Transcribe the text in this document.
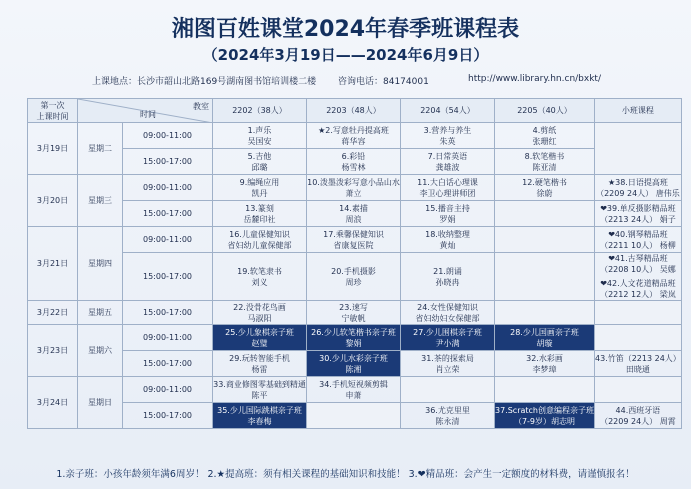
湘图百姓课堂2024年春季班课程表
（2024年3月19日——2024年6月9日）
上课地点：长沙市韶山北路169号湖南图书馆培训楼二楼 咨询电话：84174001	http://www.library.hn.cn/bxkt/
第一次
上课时间	教室
时间		2202（38人）	2203（48人）	2204（54人）	2205（40人）	小班课程
3月19日	星期二	09:00-11:00	1.声乐
吴国安	★2.写意牡丹提高班
蒋华容	3.营养与养生
朱英	4.剪纸
张珊红	

		15:00-17:00	5.吉他
邱璐	6.彩铅
杨雪林	7.日常英语
龚雄波	8.软笔楷书
陈亚清	

3月20日	星期三	09:00-11:00	9.编绳应用
凯丹	10.泼墨泼彩写意小品山水
萧立	11.大白话心理课
李卫心理讲师团	12.硬笔楷书
徐蔚	★38.日语提高班
（2209 24人） 唐伟乐

		15:00-17:00	13.篆刻
岳麓印社	14.素描
周浪	15.播音主持
罗娟		❤39.单反摄影精品班
（2213 24人） 娟子

3月21日	星期四	09:00-11:00	16.儿童保健知识
省妇幼儿童保健部	17.乘馨保健知识
省康复医院	18.收纳整理
黄灿		❤40.钢琴精品班
（2211 10人） 杨柳

		15:00-17:00	19.软笔隶书
刘义	20.手机摄影
周珍	21.朗诵
孙晓冉		❤41.古琴精品班
（2208 10人） 吴娜
❤42.人文花道精品班
（2212 12人） 梁岚

3月22日	星期五	15:00-17:00	22.没骨花鸟画
马淑阳	23.速写
宁敏帆	24.女性保健知识
省妇幼妇女保健部		

3月23日	星期六	09:00-11:00	25.少儿象棋亲子班
赵璧	26.少儿软笔楷书亲子班
黎娟	27.少儿围棋亲子班
尹小满	28.少儿国画亲子班
胡璇	

		15:00-17:00	29.玩转智能手机
杨雷	30.少儿水彩亲子班
陈湘	31.茶的探索局
肖立荣	32.水彩画
李梦璋	43.竹笛（2213 24人）
田晓通

3月24日	星期日	09:00-11:00	33.商业修图零基础到精通
陈平	34.手机短视频剪辑
申萧			

		15:00-17:00	35.少儿国际跳棋亲子班
李春梅		36.尤克里里
陈永清	37.Scratch创意编程亲子班
（7-9岁）胡志明	44.西班牙语
（2209 24人） 周霄
1.亲子班：小孩年龄须年满6周岁！ 2.★提高班：须有相关课程的基础知识和技能！ 3.❤精品班：会产生一定额度的材料费，请谨慎报名！
